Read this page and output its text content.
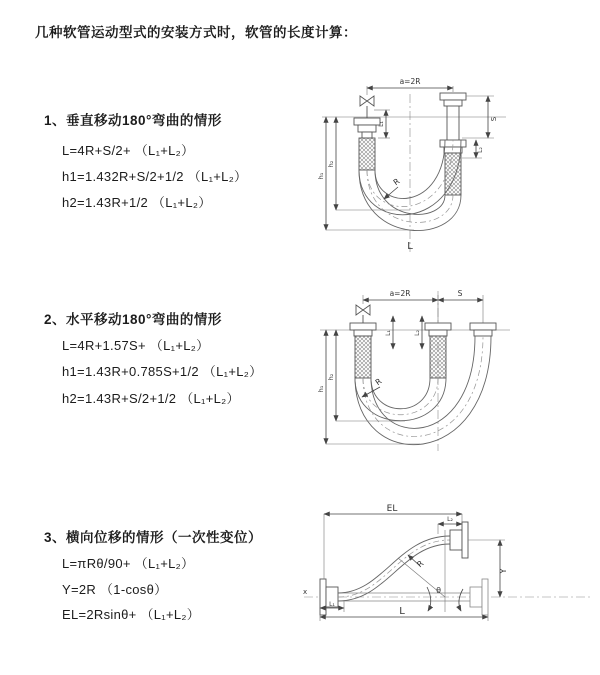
几种软管运动型式的安装方式时，软管的长度计算：
1、垂直移动180°弯曲的情形
L=4R+S/2+ （L₁+L₂）
h1=1.432R+S/2+1/2 （L₁+L₂）
h2=1.43R+1/2 （L₁+L₂）
2、水平移动180°弯曲的情形
L=4R+1.57S+ （L₁+L₂）
h1=1.43R+0.785S+1/2 （L₁+L₂）
h2=1.43R+S/2+1/2 （L₁+L₂）
3、横向位移的情形（一次性变位）
L=πRθ/90+ （L₁+L₂）
Y=2R （1-cosθ）
EL=2Rsinθ+ （L₁+L₂）
a=2R
h₁
h₂
L₁
S
L₂
R
L
a=2R	S
h₁
h₂
L₁	L₂
R
x
EL
L₂
Y
R
θ
L₁
L
